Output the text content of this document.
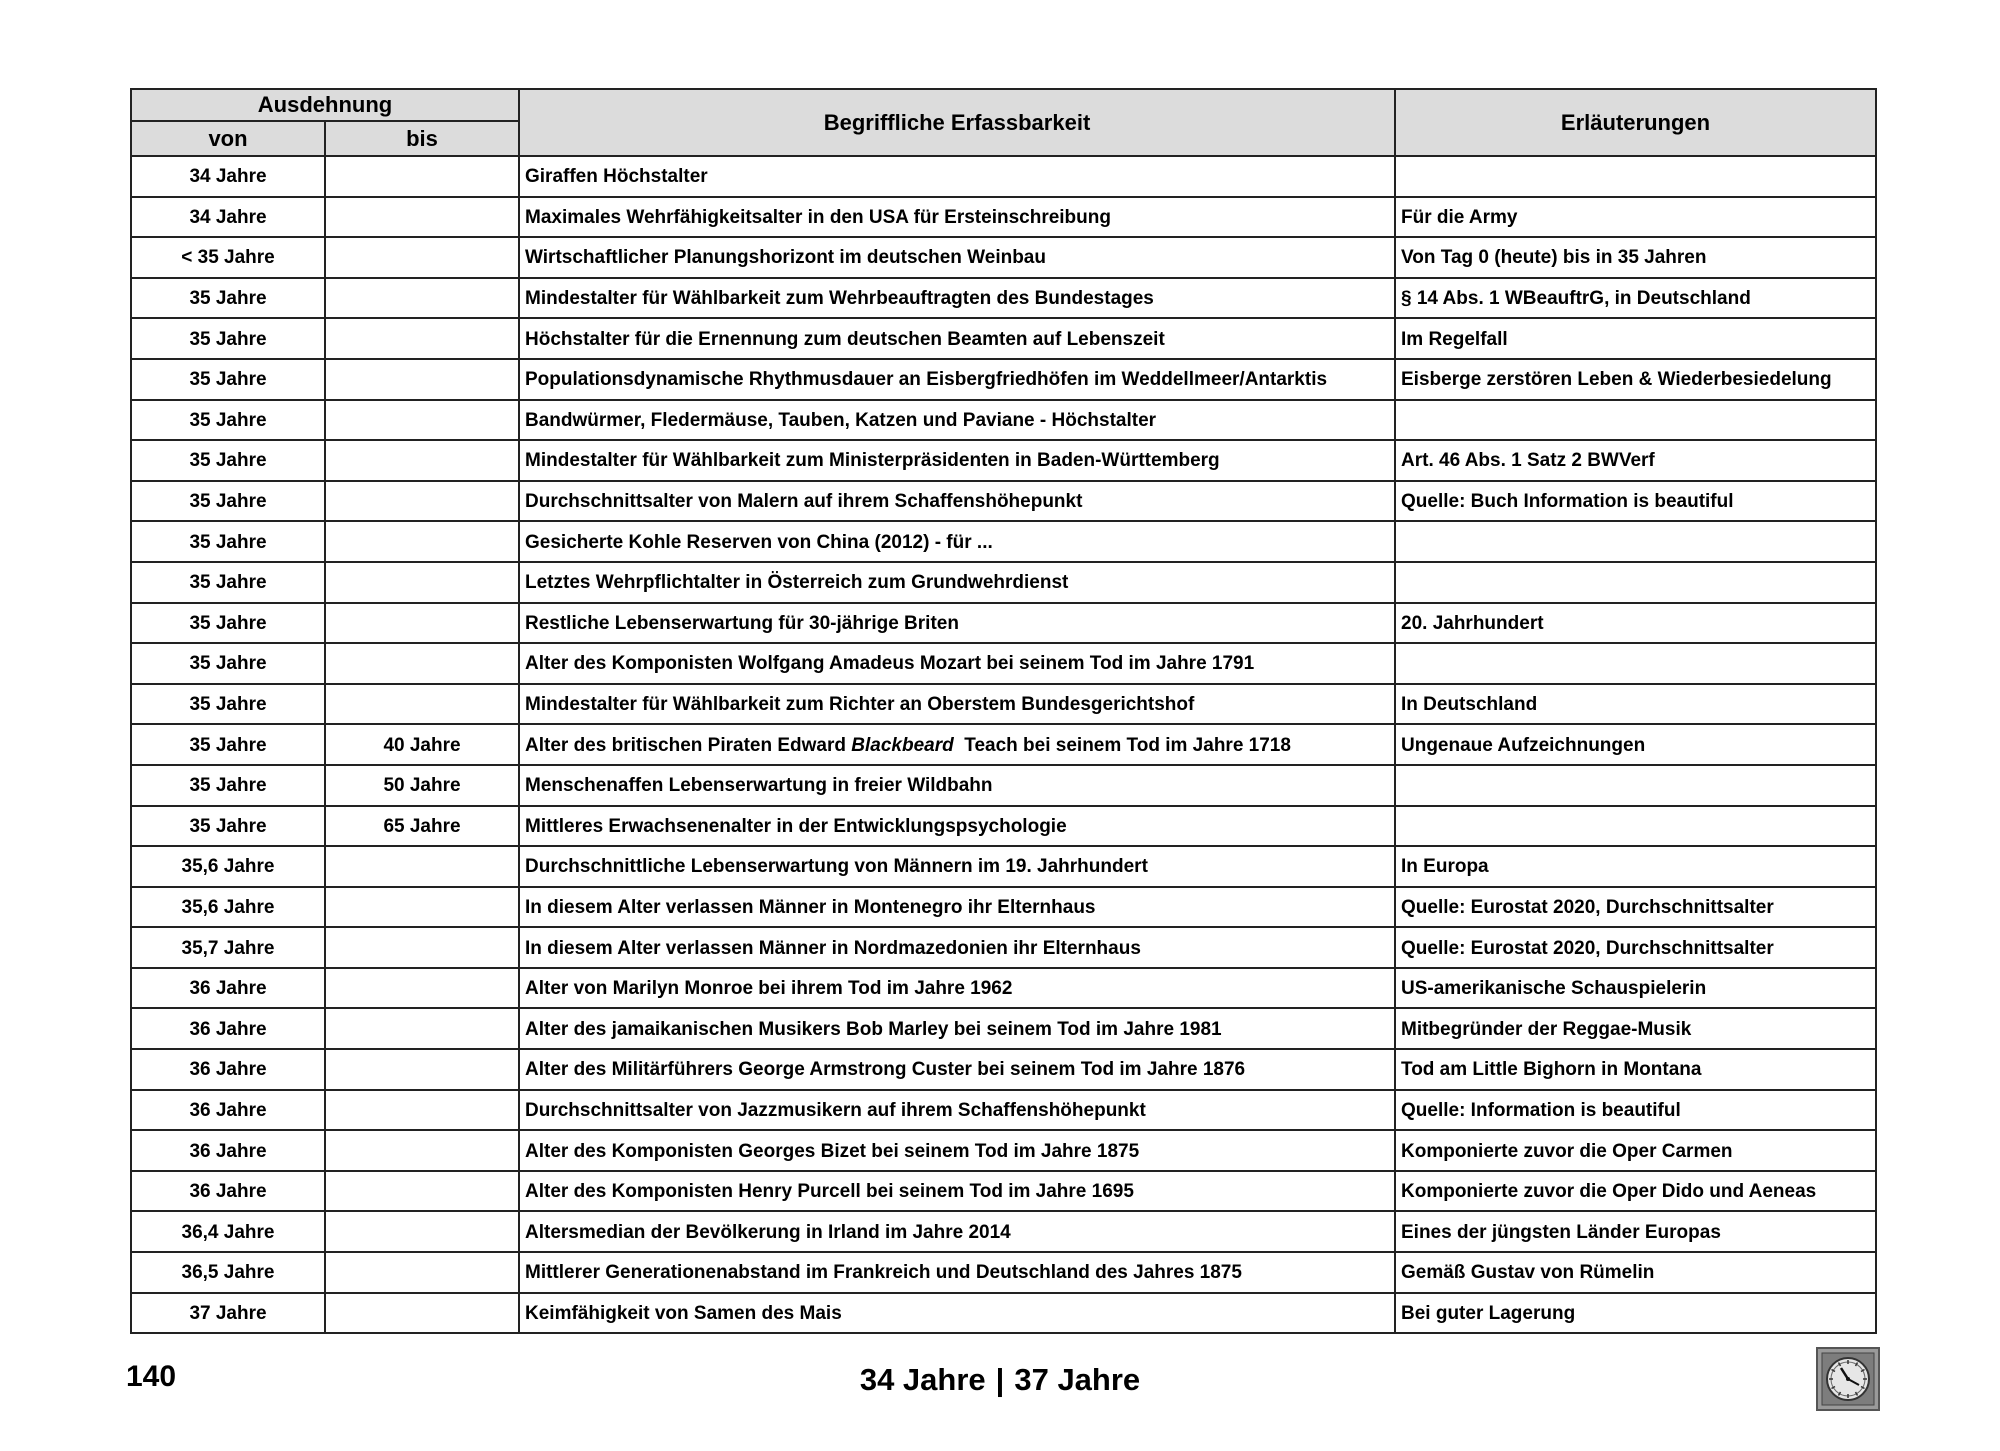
Ausdehnung		Begriffliche Erfassbarkeit	Erläuterungen
von	bis		
34 Jahre		Giraffen Höchstalter	
34 Jahre		Maximales Wehrfähigkeitsalter in den USA für Ersteinschreibung	Für die Army
< 35 Jahre		Wirtschaftlicher Planungshorizont im deutschen Weinbau	Von Tag 0 (heute) bis in 35 Jahren
35 Jahre		Mindestalter für Wählbarkeit zum Wehrbeauftragten des Bundestages	§ 14 Abs. 1 WBeauftrG, in Deutschland
35 Jahre		Höchstalter für die Ernennung zum deutschen Beamten auf Lebenszeit	Im Regelfall
35 Jahre		Populationsdynamische Rhythmusdauer an Eisbergfriedhöfen im Weddellmeer/Antarktis	Eisberge zerstören Leben & Wiederbesiedelung
35 Jahre		Bandwürmer, Fledermäuse, Tauben, Katzen und Paviane - Höchstalter	
35 Jahre		Mindestalter für Wählbarkeit zum Ministerpräsidenten in Baden-Württemberg	Art. 46 Abs. 1 Satz 2 BWVerf
35 Jahre		Durchschnittsalter von Malern auf ihrem Schaffenshöhepunkt	Quelle: Buch Information is beautiful
35 Jahre		Gesicherte Kohle Reserven von China (2012) - für ...	
35 Jahre		Letztes Wehrpflichtalter in Österreich zum Grundwehrdienst	
35 Jahre		Restliche Lebenserwartung für 30-jährige Briten	20. Jahrhundert
35 Jahre		Alter des Komponisten Wolfgang Amadeus Mozart bei seinem Tod im Jahre 1791	
35 Jahre		Mindestalter für Wählbarkeit zum Richter an Oberstem Bundesgerichtshof	In Deutschland
35 Jahre	40 Jahre	Alter des britischen Piraten Edward Blackbeard  Teach bei seinem Tod im Jahre 1718	Ungenaue Aufzeichnungen
35 Jahre	50 Jahre	Menschenaffen Lebenserwartung in freier Wildbahn	
35 Jahre	65 Jahre	Mittleres Erwachsenenalter in der Entwicklungspsychologie	
35,6 Jahre		Durchschnittliche Lebenserwartung von Männern im 19. Jahrhundert	In Europa
35,6 Jahre		In diesem Alter verlassen Männer in Montenegro ihr Elternhaus	Quelle: Eurostat 2020, Durchschnittsalter
35,7 Jahre		In diesem Alter verlassen Männer in Nordmazedonien ihr Elternhaus	Quelle: Eurostat 2020, Durchschnittsalter
36 Jahre		Alter von Marilyn Monroe bei ihrem Tod im Jahre 1962	US-amerikanische Schauspielerin
36 Jahre		Alter des jamaikanischen Musikers Bob Marley bei seinem Tod im Jahre 1981	Mitbegründer der Reggae-Musik
36 Jahre		Alter des Militärführers George Armstrong Custer bei seinem Tod im Jahre 1876	Tod am Little Bighorn in Montana
36 Jahre		Durchschnittsalter von Jazzmusikern auf ihrem Schaffenshöhepunkt	Quelle: Information is beautiful
36 Jahre		Alter des Komponisten Georges Bizet bei seinem Tod im Jahre 1875	Komponierte zuvor die Oper Carmen
36 Jahre		Alter des Komponisten Henry Purcell bei seinem Tod im Jahre 1695	Komponierte zuvor die Oper Dido und Aeneas
36,4 Jahre		Altersmedian der Bevölkerung in Irland im Jahre 2014	Eines der jüngsten Länder Europas
36,5 Jahre		Mittlerer Generationenabstand im Frankreich und Deutschland des Jahres 1875	Gemäß Gustav von Rümelin
37 Jahre		Keimfähigkeit von Samen des Mais	Bei guter Lagerung
140	34 Jahre | 37 Jahre
